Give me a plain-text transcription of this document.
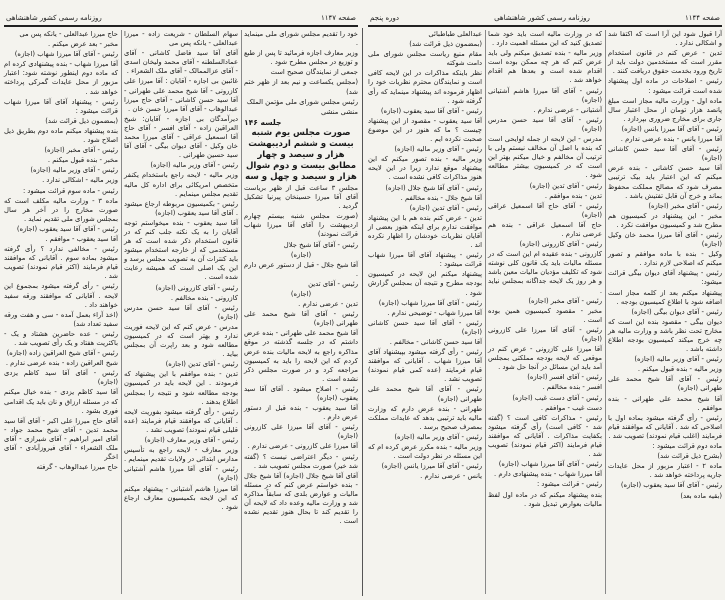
صفحه ۱۱۴۷
روزنامه رسمی کشور شاهنشاهی

خود را تقدیم مجلس شورای ملی مینماید .

وزیر معارف اجازه فرمائید تا پس از طبع و توزیع در مجلس مطرح شود .

جمعی از نمایندگان صحیح است

(مجلس یکساعت و نیم بعد از ظهر ختم شد)

رئیس مجلس شورای ملی مؤتمن الملک

منشی منشی

جلسه ۱۴۶

صورت مجلس یوم شنبه بیست و ششم اردیبهشت هزار و سیصد و چهار مطابق بیست و دوم شوال هزار و سیصد و چهل و سه

مجلس ۳ ساعت قبل از ظهر بریاست آقای آقا میرزا حسینخان پیرنیا تشکیل گردید .

(صورت مجلس شنبه بیستم چهارم اردیبهشت را آقای آقا میرزا شهاب قرائت نمودند)

رئیس - آقای آقا شیخ جلال

(اجازه)

آقا شیخ جلال - قبل از دستور عرض دارم .

رئیس - آقای تدین

(اجازه)

تدین - عرضی ندارم .

رئیس - آقای آقا شیخ محمد علی طهرانی (اجازه)

آقا شیخ محمد علی طهرانی - بنده عرض داشتم که در جلسه گذشته در موقع مذاکره راجع به لایحه مالیات بنده عرض کردم که این لایحه را باید به کمیسیون مراجعه کرد و در صورت مجلس ذکر نشده است .

رئیس - اصلاح میشود . آقای آقا سید یعقوب (اجازه)

آقا سید یعقوب - بنده قبل از دستور عرض دارم .

رئیس - آقای آقا میرزا علی کازرونی (اجازه)

آقا میرزا علی کازرونی - عرضی ندارم .

رئیس - دیگر اعتراضی نیست ؟ (گفته شد خیر) صورت مجلس تصویب شد .

آقای آقا شیخ جلال (اجازه) آقا شیخ جلال - بنده خواستم عرض کنم که در مسئله مالیات و عوارض بلدی که سابقاً مذاکره شد و وزارت مالیه وعده داد که لایحه آن را تقدیم کند تا بحال هنوز تقدیم نشده است .

سهام السلطان - شریعت زاده - میرزا عبدالعلی - یانکه پس می

آقای آقا سید فاضل کاشانی - آقای عمادالسلطنه - آقای محمد ولیخان اسدی - آقای عزالممالک - آقای ملک الشعراء .

غائبین بی اجازه - آقایان : آقا میرزا علی کازرونی - آقا شیخ محمد علی طهرانی - آقا سید حسن کاشانی - آقای حاج میرزا عبدالوهاب - آقای آقا میرزا حسن خان .

دیرآمدگان بی اجازه - آقایان: شیخ العراقین زاده - آقای افسر - آقای حاج آقا اسمعیل عراقی - آقای میرزا محمد خان وکیل - آقای دیوان بیگی - آقای آقا سید حسین طهرانی .

رئیس - آقای وزیر مالیه (اجازه)

وزیر مالیه - لایحه راجع باستخدام یکنفر متخصص امریکائی برای اداره کل مالیه تقدیم مجلس مینمایم .

رئیس - بکمیسیون مربوطه ارجاع میشود . آقای آقا سید یعقوب (اجازه)

آقا سید یعقوب - بنده میخواستم توجه آقایان را به یک نکته جلب کنم که در قانون استخدام ذکر شده است که هر مستخدمی که از خارجه استخدام میشود باید کنترات آن به تصویب مجلس برسد و این یک اصلی است که همیشه رعایت شده است .

رئیس - آقای کازرونی (اجازه)

کازرونی - بنده مخالفم .

رئیس - آقای آقا سید حسن مدرس (اجازه)

مدرس - عرض کنم که این لایحه فوریت ندارد و بهتر است که در کمیسیون مطالعه شود و بعد راپرت آن بمجلس بیاید .

رئیس - آقای تدین (اجازه)

تدین - بنده موافقم با این پیشنهاد که فرمودند . این لایحه باید در کمیسیون بودجه مطالعه شود و نتیجه را بمجلس اطلاع بدهند .

رئیس - رأی گرفته میشود بفوریت لایحه . آقایانی که موافقند قیام فرمایند (عده قلیلی قیام نمودند) تصویب نشد .

رئیس - آقای وزیر معارف (اجازه)

وزیر معارف - لایحه راجع به تأسیس مدارس ابتدائی در ولایات تقدیم مینمایم .

رئیس - آقای آقا میرزا هاشم آشتیانی (اجازه)

آقا میرزا هاشم آشتیانی - پیشنهاد میکنم که این لایحه بکمیسیون معارف ارجاع شود .

حاج میرزا عبدالعلی - یانکه پس می

مخبر - بعد عرض میکنم .

رئیس - آقای آقا میرزا شهاب (اجازه)

آقا میرزا شهاب - بنده پیشنهادی کرده ام که ماده دوم اینطور نوشته شود: اعتبار مزبور از محل عایدات گمرکی پرداخته خواهد شد .

رئیس - پیشنهاد آقای آقا میرزا شهاب قرائت میشود :

(بمضمون ذیل قرائت شد)

بنده پیشنهاد میکنم ماده دوم بطریق ذیل اصلاح شود .

رئیس - آقای مخبر (اجازه)

مخبر - بنده قبول میکنم .

رئیس - آقای وزیر مالیه (اجازه)

وزیر مالیه - اشکالی ندارد .

رئیس - ماده سوم قرائت میشود :

ماده ۳ - وزارت مالیه مکلف است که صورت مخارج را در آخر هر سال بمجلس شورای ملی تقدیم نماید .

رئیس - آقای آقا سید یعقوب (اجازه)

آقا سید یعقوب - موافقم .

رئیس - مخالفی ندارد ؟ رأی گرفته میشود بماده سوم . آقایانی که موافقند قیام فرمایند (اکثر قیام نمودند) تصویب شد .

رئیس - رأی گرفته میشود بمجموع این لایحه . آقایانی که موافقند ورقه سفید خواهند داد .

(اخذ آراء بعمل آمده - سی و هفت ورقه سفید تعداد شد)

رئیس - عده حاضرین هشتاد و یک - باکثریت هفتاد و یک رأی تصویب شد .

رئیس - آقای شیخ العراقین زاده (اجازه)

شیخ العراقین زاده - بنده عرضی ندارم .

رئیس - آقای آقا سید کاظم یزدی (اجازه)

آقا سید کاظم یزدی - بنده خیال میکنم که در مسئله ارزاق و نان باید یک اقدامی فوری بشود .

آقای حاج میرزا علی اکبر - آقای آقا سید محمد تدین - آقای شیخ محمد جواد - آقای امیر ابراهیم - آقای شیرازی - آقای ملک الشعراء - آقای فیروزآبادی - آقای اخگر

حاج میرزا عبدالوهاب - گرفته

صفحه ۱۱۴۴
روزنامه رسمی کشور شاهنشاهی
دوره پنجم

آرا قبول شود این آرا است که اکتفا شد و اشکالی ندارد .

تدین - عرض کنم در قانون استخدام مقرر است که مستخدمین دولت باید از تاریخ ورود بخدمت حقوق دریافت کنند .

رئیس - اصلاحات در ماده اول پیشنهاد شده است قرائت میشود :

ماده اول - وزارت مالیه مجاز است مبلغ پانصد هزار تومان از محل اعتبار سال جاری برای مخارج ضروری بپردازد .

رئیس - آقای آقا میرزا یانس (اجازه)

آقا میرزا یانس - بنده عرضی ندارم .

رئیس - آقای آقا سید حسن کاشانی (اجازه)

آقا سید حسن کاشانی - بنده عرض میکنم که این اعتبار باید بیک ترتیبی مصرف شود که مصالح مملکت محفوظ بماند و خرج آن قابل تفتیش باشد .

رئیس - آقای مخبر (اجازه)

مخبر - این پیشنهاد در کمیسیون هم مطرح شد و کمیسیون موافقت نکرد .

رئیس - آقای آقا میرزا محمد خان وکیل (اجازه)

وکیل - بنده با ماده موافقم و تصور میکنم که اصلاحی لازم ندارد .

رئیس - پیشنهاد آقای دیوان بیگی قرائت میشود:

پیشنهاد میکنم بعد از کلمه مجاز است اضافه شود با اطلاع کمیسیون بودجه .

رئیس - آقای دیوان بیگی (اجازه)

دیوان بیگی - مقصود بنده این است که مخارج تحت نظر باشد و وزارت مالیه هر چه خرج میکند کمیسیون بودجه اطلاع داشته باشد .

رئیس - آقای وزیر مالیه (اجازه)

وزیر مالیه - بنده قبول میکنم .

رئیس - آقای آقا شیخ محمد علی طهرانی (اجازه)

آقا شیخ محمد علی طهرانی - بنده موافقم .

رئیس - رأی گرفته میشود بماده اول با اصلاحی که شد . آقایانی که موافقند قیام فرمایند (اغلب قیام نمودند) تصویب شد .

ماده دوم قرائت میشود :

(بشرح ذیل قرائت شد)

ماده ۲ - اعتبار مزبور از محل عایدات جاریه پرداخته خواهد شد .

رئیس - آقای آقا سید یعقوب (اجازه)

(بقیه ماده بعد)

که در وزارت مالیه است باید خود شما تصدیق کنید که این مسئله اهمیت دارد .

وزیر مالیه - بنده تصدیق میکنم ولی باید عرض کنم که هر چه ممکن بوده است اقدام شده است و بعدها هم اقدام خواهد شد .

رئیس - آقای آقا میرزا هاشم آشتیانی (اجازه)

آشتیانی - عرضی ندارم .

رئیس - آقای آقا سید حسن مدرس (اجازه)

مدرس - این لایحه از جمله لوایحی است که بنده با اصل آن مخالف نیستم ولی با ترتیب آن مخالفم و خیال میکنم بهتر این است که در کمیسیون بیشتر مطالعه شود .

رئیس - آقای تدین (اجازه)

تدین - بنده موافقم .

رئیس - آقای حاج آقا اسمعیل عراقی (اجازه)

حاج آقا اسمعیل عراقی - بنده هم عرضی ندارم .

رئیس - آقای کازرونی (اجازه)

کازرونی - بنده عقیده ام این است که در مسئله مالیات باید یک قانون کلی نوشته شود که تکلیف مؤدیان مالیات معین باشد و هر روز یک لایحه جداگانه بمجلس نیاید .

رئیس - آقای مخبر (اجازه)

مخبر - مقصود کمیسیون همین بوده است .

رئیس - آقای آقا میرزا علی کازرونی (اجازه)

آقا میرزا علی کازرونی - عرض کنم در موقعی که لایحه بودجه مملکتی بمجلس آمد باید این مسائل در آنجا حل شود .

رئیس - آقای افسر (اجازه)

افسر - بنده مخالفم .

رئیس - آقای دست غیب (اجازه)

دست غیب - موافقم .

رئیس - مذاکرات کافی است ؟ (گفته شد - کافی است) رأی گرفته میشود بکفایت مذاکرات . آقایانی که موافقند قیام فرمایند (اکثر قیام نمودند) تصویب شد .

رئیس - آقای آقا میرزا شهاب (اجازه)

آقا میرزا شهاب - بنده پیشنهادی دارم .

رئیس - قرائت میشود :

بنده پیشنهاد میکنم که در ماده اول لفظ مالیات بعوارض تبدیل شود .

عبدالعلی طباطبائی

(بمضمون ذیل قرائت شد)

مقام منیع ریاست مجلس شورای ملی دامت شوکته

نظر باینکه مذاکرات در این لایحه کافی است و نمایندگان محترم نظریات خود را اظهار فرموده اند پیشنهاد مینماید که رأی گرفته شود .

رئیس - آقای آقا سید یعقوب (اجازه)

آقا سید یعقوب - مقصود از این پیشنهاد چیست ؟ ما که هنوز در این موضوع صحبت نکرده ایم .

رئیس - آقای وزیر مالیه (اجازه)

وزیر مالیه - بنده تصور میکنم که این پیشنهاد موقع ندارد زیرا در این لایحه هنوز مذاکرات کافی نشده است .

رئیس - آقای آقا شیخ جلال (اجازه)

آقا شیخ جلال - بنده مخالفم .

رئیس - آقای تدین (اجازه)

تدین - عرض کنم بنده هم با این پیشنهاد موافقت ندارم برای اینکه هنوز بعضی از آقایان نظریات خودشان را اظهار نکرده اند .

رئیس - پیشنهاد آقای آقا میرزا شهاب قرائت میشود :

پیشنهاد میکنم این لایحه در کمیسیون بودجه مطرح و نتیجه آن بمجلس گزارش شود .

رئیس - آقای آقا میرزا شهاب (اجازه)

آقا میرزا شهاب - توضیحی ندارم .

رئیس - آقای آقا سید حسن کاشانی (اجازه)

آقا سید حسن کاشانی - مخالفم .

رئیس - رأی گرفته میشود بپیشنهاد آقای آقا میرزا شهاب . آقایانی که موافقند قیام فرمایند (عده کمی قیام نمودند) تصویب نشد .

رئیس - آقای آقا شیخ محمد علی طهرانی (اجازه)

طهرانی - بنده عرض دارم که وزارت مالیه باید ترتیبی بدهد که عایدات مملکت بمصرف صحیح برسد .

رئیس - آقای وزیر مالیه (اجازه)

وزیر مالیه - بنده مکرر عرض کرده ام که این مسئله در نظر دولت است .

رئیس - آقای آقا میرزا یانس (اجازه)

یانس - عرضی ندارم .
